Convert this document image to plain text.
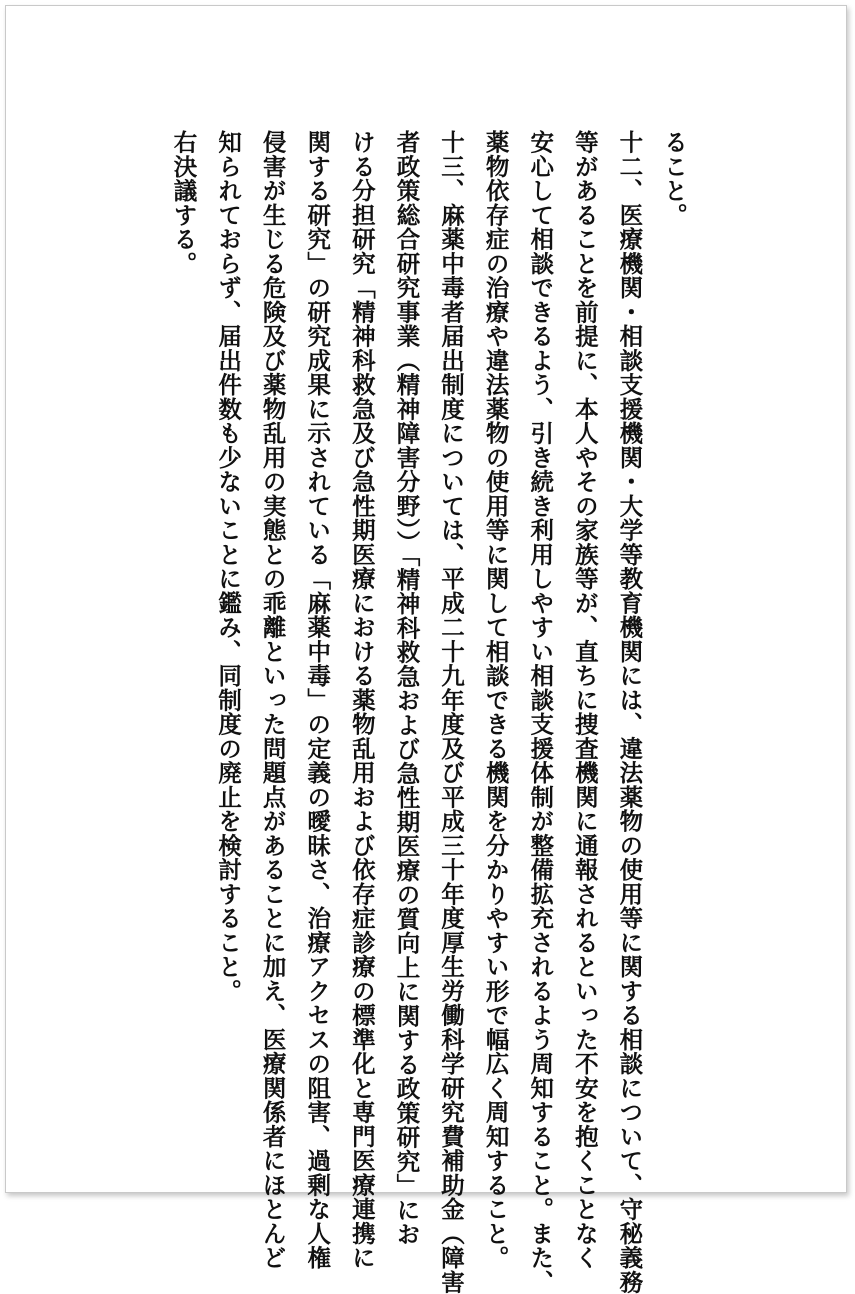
ること。
十二、医療機関・相談支援機関・大学等教育機関には、違法薬物の使用等に関する相談について、守秘義務
等があることを前提に、本人やその家族等が、直ちに捜査機関に通報されるといった不安を抱くことなく
安心して相談できるよう、引き続き利用しやすい相談支援体制が整備拡充されるよう周知すること。また、
薬物依存症の治療や違法薬物の使用等に関して相談できる機関を分かりやすい形で幅広く周知すること。
十三、麻薬中毒者届出制度については、平成二十九年度及び平成三十年度厚生労働科学研究費補助金（障害
者政策総合研究事業（精神障害分野））「精神科救急および急性期医療の質向上に関する政策研究」にお
ける分担研究「精神科救急及び急性期医療における薬物乱用および依存症診療の標準化と専門医療連携に
関する研究」の研究成果に示されている「麻薬中毒」の定義の曖昧さ、治療アクセスの阻害、過剰な人権
侵害が生じる危険及び薬物乱用の実態との乖離といった問題点があることに加え、医療関係者にほとんど
知られておらず、届出件数も少ないことに鑑み、同制度の廃止を検討すること。
右決議する。
